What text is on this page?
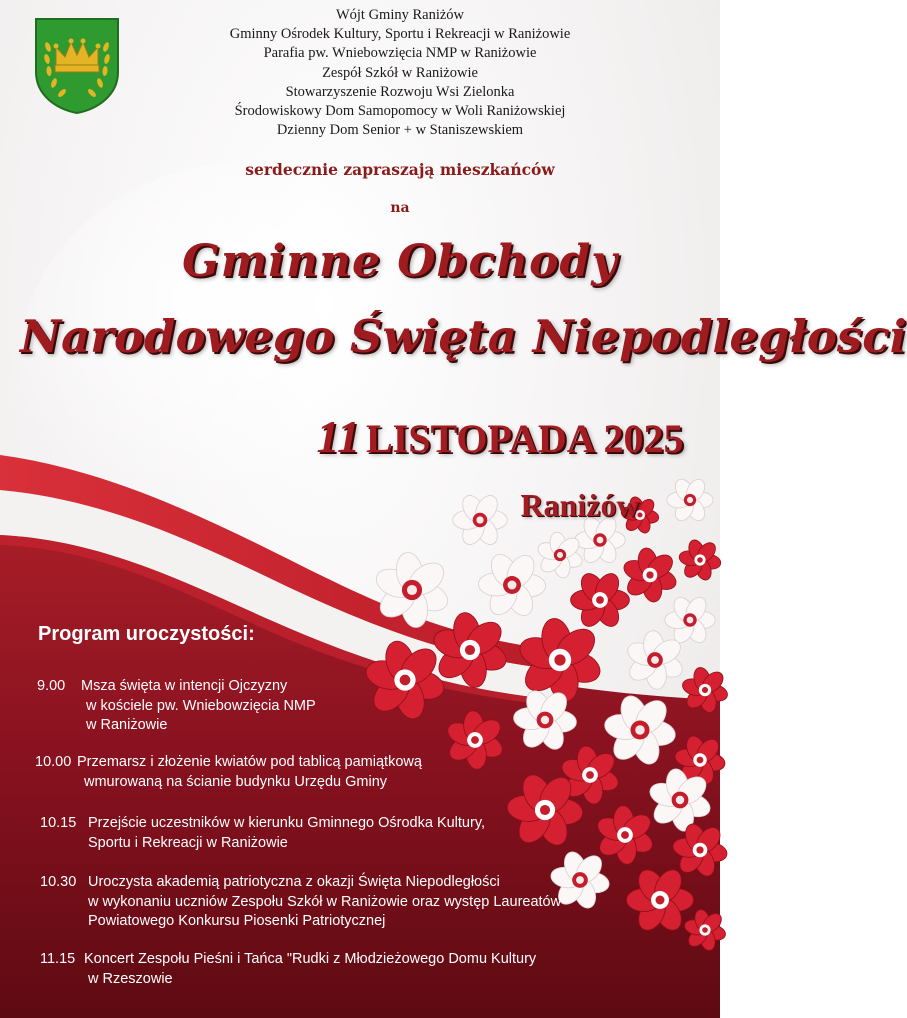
Wójt Gminy Raniżów
Gminny Ośrodek Kultury, Sportu i Rekreacji w Raniżowie
Parafia pw. Wniebowzięcia NMP w Raniżowie
Zespół Szkół w Raniżowie
Stowarzyszenie Rozwoju Wsi Zielonka
Środowiskowy Dom Samopomocy w Woli Raniżowskiej
Dzienny Dom Senior + w Staniszewskiem
serdecznie zapraszają mieszkańców
na
Gminne Obchody
Narodowego Święta Niepodległości
11 LISTOPADA 2025
Raniżów
Program uroczystości:
9.00 Msza święta w intencji Ojczyzny
w kościele pw. Wniebowzięcia NMP
w Raniżowie
10.00 Przemarsz i złożenie kwiatów pod tablicą pamiątkową
wmurowaną na ścianie budynku Urzędu Gminy
10.15 Przejście uczestników w kierunku Gminnego Ośrodka Kultury,
Sportu i Rekreacji w Raniżowie
10.30 Uroczysta akademią patriotyczna z okazji Święta Niepodległości
w wykonaniu uczniów Zespołu Szkół w Raniżowie oraz występ Laureatów
Powiatowego Konkursu Piosenki Patriotycznej
11.15 Koncert Zespołu Pieśni i Tańca "Rudki z Młodzieżowego Domu Kultury
w Rzeszowie
